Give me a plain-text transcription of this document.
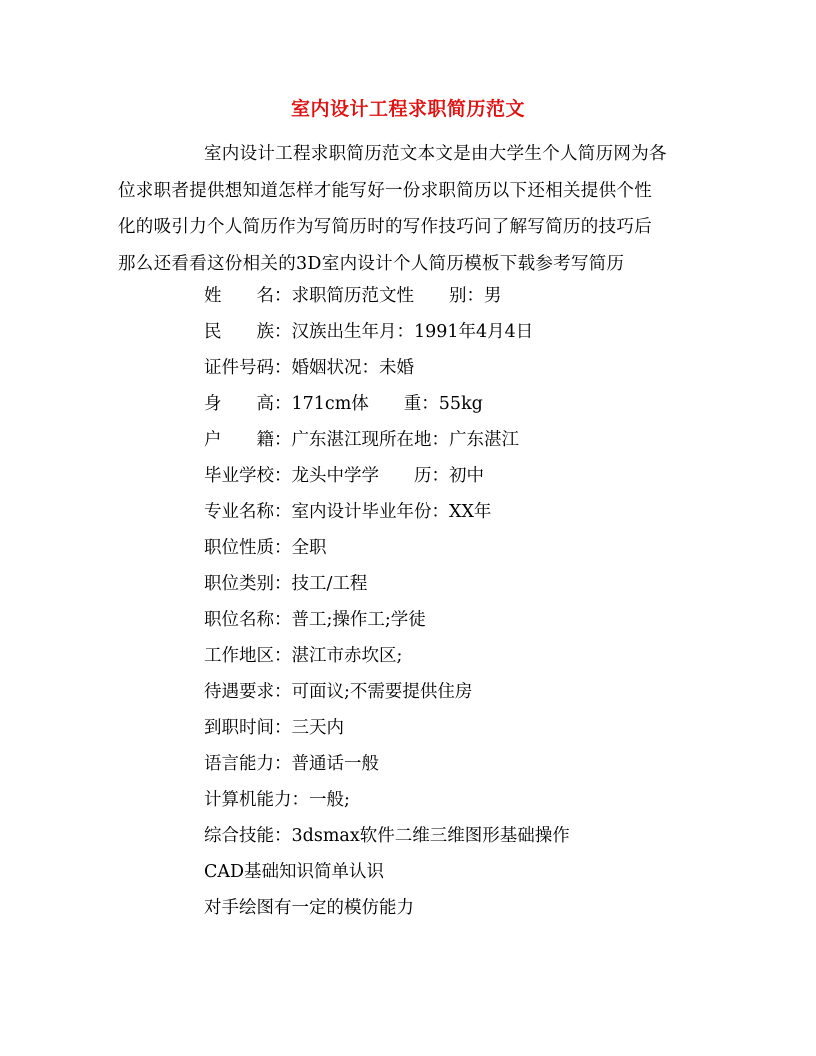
室内设计工程求职简历范文

室内设计工程求职简历范文本文是由大学生个人简历网为各

位求职者提供想知道怎样才能写好一份求职简历以下还相关提供个性

化的吸引力个人简历作为写简历时的写作技巧问了解写简历的技巧后

那么还看看这份相关的3D室内设计个人简历模板下载参考写简历

姓　　名：求职简历范文性　　别：男

民　　族：汉族出生年月：1991年4月4日

证件号码：婚姻状况：未婚

身　　高：171cm体　　重：55kg

户　　籍：广东湛江现所在地：广东湛江

毕业学校：龙头中学学　　历：初中

专业名称：室内设计毕业年份：XX年

职位性质：全职

职位类别：技工/工程

职位名称：普工;操作工;学徒

工作地区：湛江市赤坎区;

待遇要求：可面议;不需要提供住房

到职时间：三天内

语言能力：普通话一般

计算机能力：一般;

综合技能：3dsmax软件二维三维图形基础操作

CAD基础知识简单认识

对手绘图有一定的模仿能力
